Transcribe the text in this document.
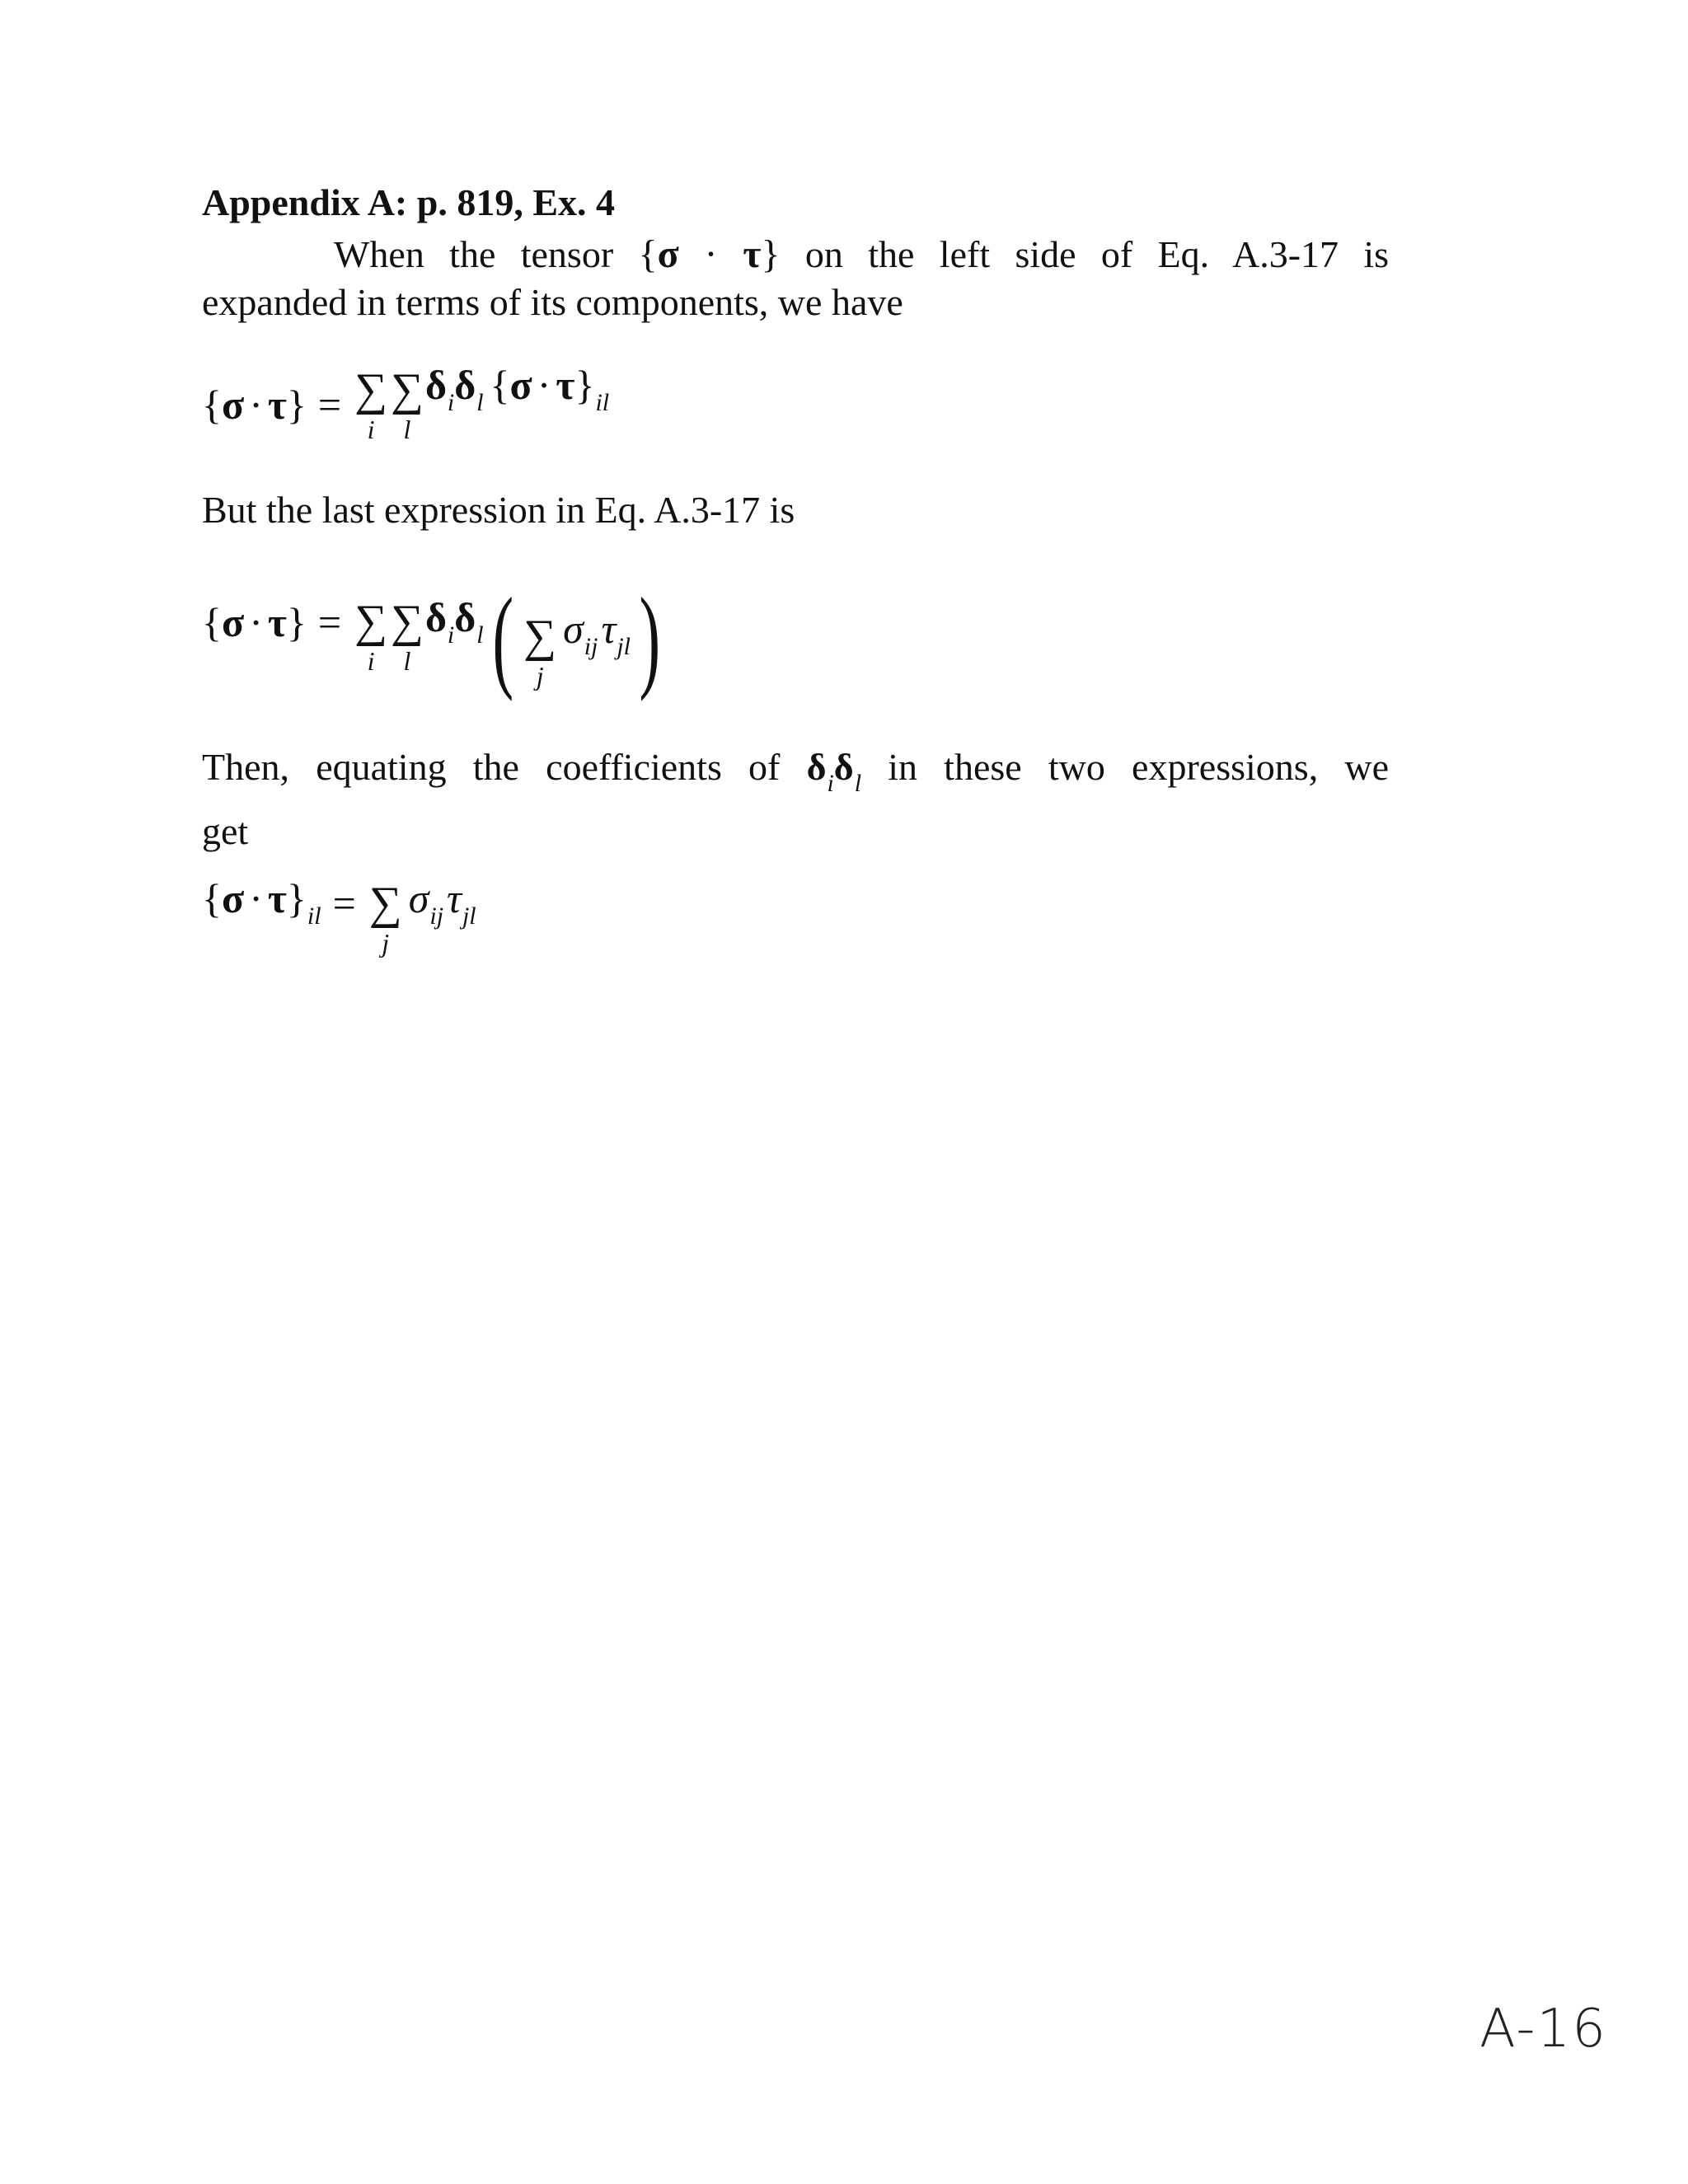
Appendix A: p. 819, Ex. 4
When the tensor {σ · τ} on the left side of Eq. A.3-17 is
expanded in terms of its components, we have
{ σ · τ } = ∑
i
∑
l
$\delta_i\delta_l$ $\{\sigma \cdot \tau\}_{il}$
But the last expression in Eq. A.3-17 is
{σ · τ} = ∑
i
∑
l
$\delta_i\delta_l$ ( ∑
j
$\sigma_{ij}\tau_{jl}$ )
Then, equating the coefficients of $\delta_i\delta_l$ in these two expressions, we
get
$\{\sigma \cdot \tau\}_{il}$ = ∑
j
$\sigma_{ij}\tau_{jl}$
A-16
